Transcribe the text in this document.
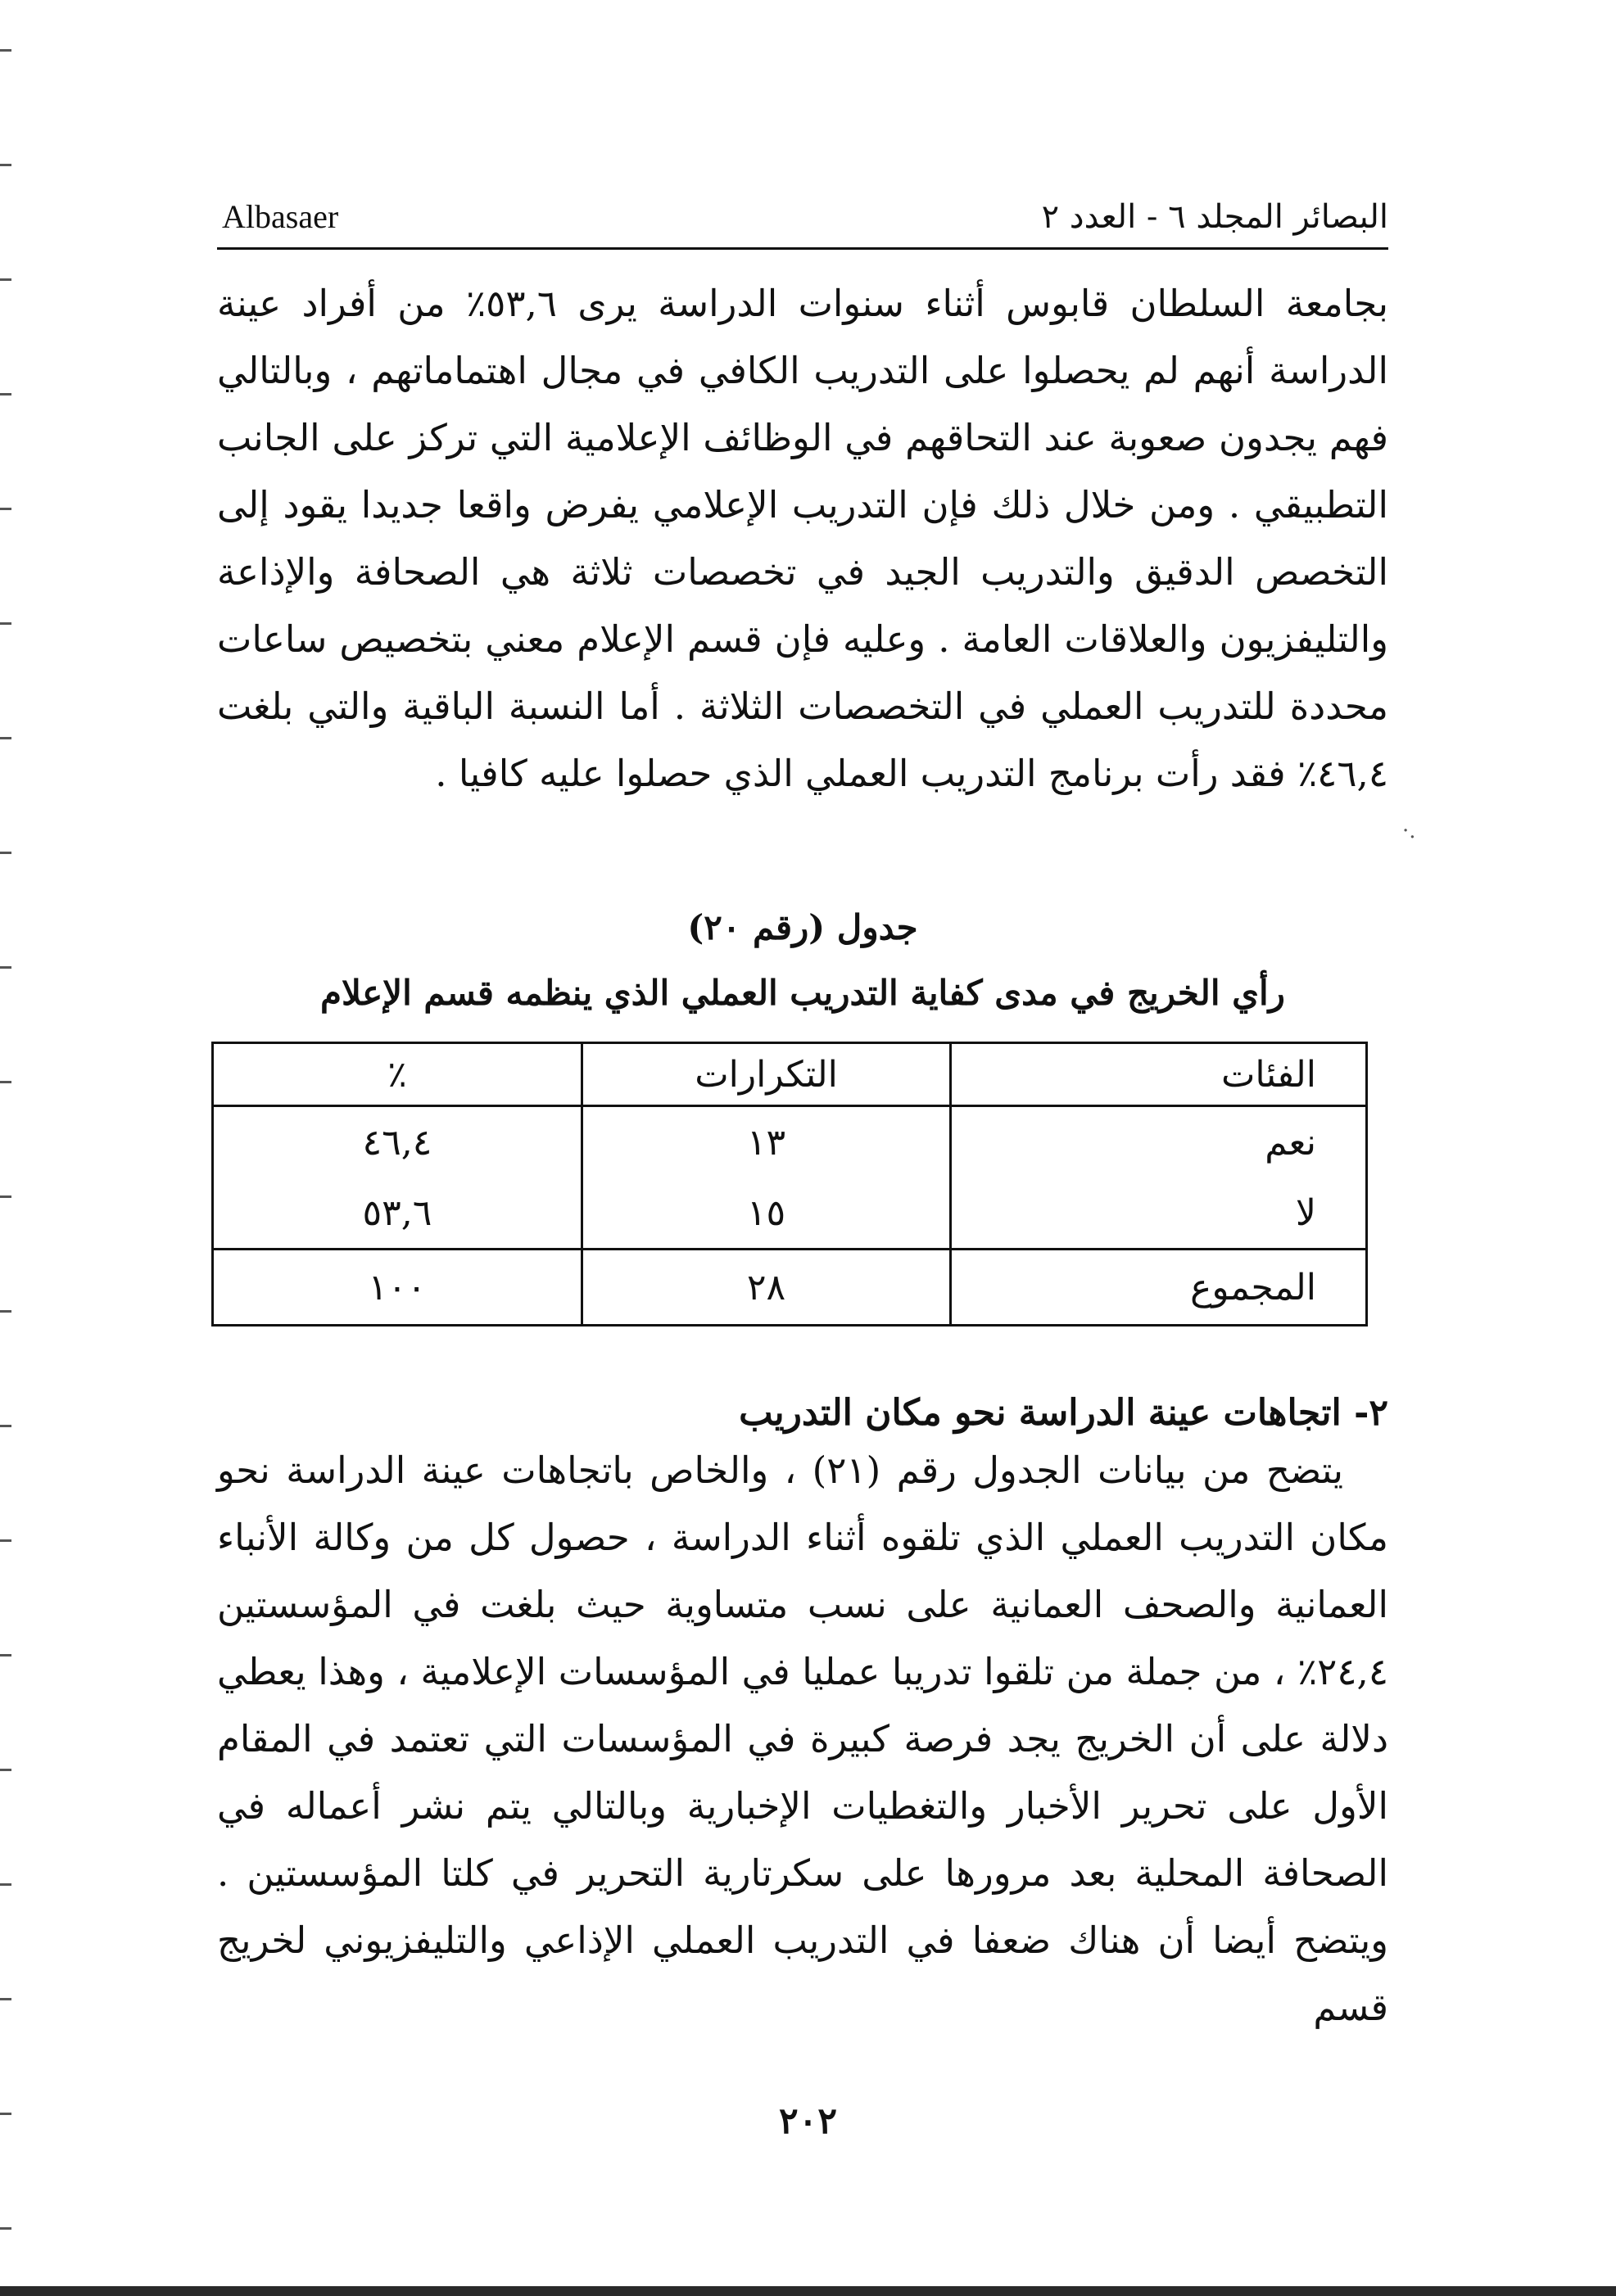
·.
Albasaer	البصائر المجلد ٦ - العدد ٢

بجامعة السلطان قابوس أثناء سنوات الدراسة يرى ٥٣,٦٪ من أفراد عينة الدراسة أنهم لم يحصلوا على التدريب الكافي في مجال اهتماماتهم ، وبالتالي فهم يجدون صعوبة عند التحاقهم في الوظائف الإعلامية التي تركز على الجانب التطبيقي . ومن خلال ذلك فإن التدريب الإعلامي يفرض واقعا جديدا يقود إلى التخصص الدقيق والتدريب الجيد في تخصصات ثلاثة هي الصحافة والإذاعة والتليفزيون والعلاقات العامة . وعليه فإن قسم الإعلام معني بتخصيص ساعات محددة للتدريب العملي في التخصصات الثلاثة . أما النسبة الباقية والتي بلغت ٤٦,٤٪ فقد رأت برنامج التدريب العملي الذي حصلوا عليه كافيا .

جدول (رقم ٢٠)
رأي الخريج في مدى كفاية التدريب العملي الذي ينظمه قسم الإعلام
الفئات	التكرارات	٪
نعم	١٣	٤٦,٤
لا	١٥	٥٣,٦
المجموع	٢٨	١٠٠
٢- اتجاهات عينة الدراسة نحو مكان التدريب

يتضح من بيانات الجدول رقم (٢١) ، والخاص باتجاهات عينة الدراسة نحو مكان التدريب العملي الذي تلقوه أثناء الدراسة ، حصول كل من وكالة الأنباء العمانية والصحف العمانية على نسب متساوية حيث بلغت في المؤسستين ٢٤,٤٪ ، من جملة من تلقوا تدريبا عمليا في المؤسسات الإعلامية ، وهذا يعطي دلالة على أن الخريج يجد فرصة كبيرة في المؤسسات التي تعتمد في المقام الأول على تحرير الأخبار والتغطيات الإخبارية وبالتالي يتم نشر أعماله في الصحافة المحلية بعد مرورها على سكرتارية التحرير في كلتا المؤسستين . ويتضح أيضا أن هناك ضعفا في التدريب العملي الإذاعي والتليفزيوني لخريج قسم

٢٠٢
